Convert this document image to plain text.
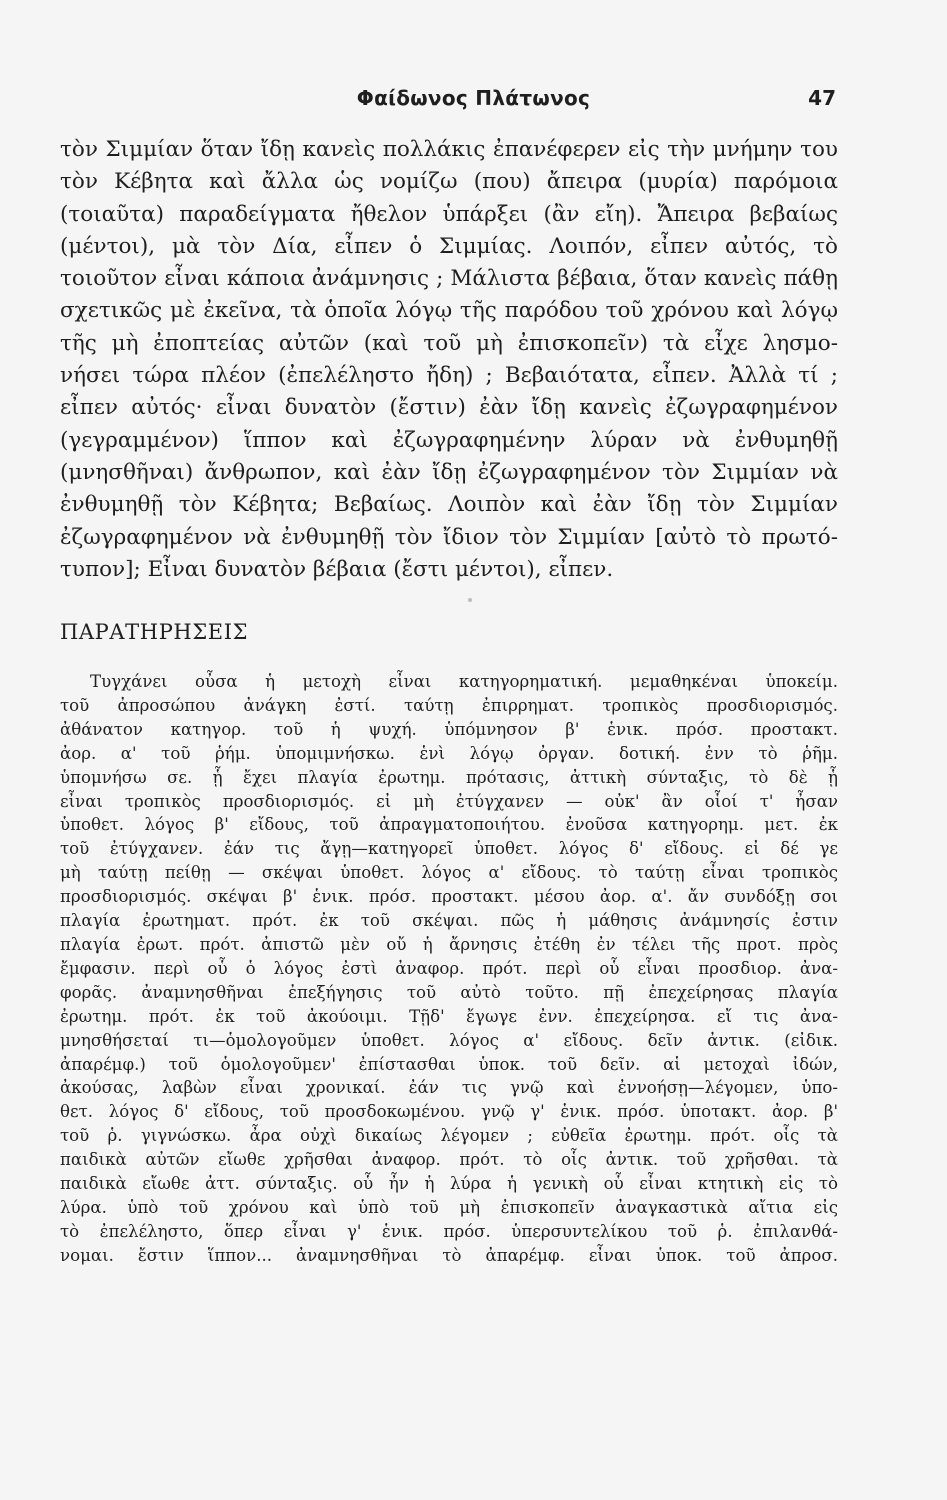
Φαίδωνος Πλάτωνος	47
τὸν Σιμμίαν ὅταν ἴδῃ κανεὶς πολλάκις ἐπανέφερεν εἰς τὴν μνήμην του
τὸν Κέβητα καὶ ἄλλα ὡς νομίζω (που) ἄπειρα (μυρία) παρόμοια
(τοιαῦτα) παραδείγματα ἤθελον ὑπάρξει (ἂν εἴη). Ἄπειρα βεβαίως
(μέντοι), μὰ τὸν Δία, εἶπεν ὁ Σιμμίας. Λοιπόν, εἶπεν αὐτός, τὸ
τοιοῦτον εἶναι κάποια ἀνάμνησις ; Μάλιστα βέβαια, ὅταν κανεὶς πάθῃ
σχετικῶς μὲ ἐκεῖνα, τὰ ὁποῖα λόγῳ τῆς παρόδου τοῦ χρόνου καὶ λόγῳ
τῆς μὴ ἐποπτείας αὐτῶν (καὶ τοῦ μὴ ἐπισκοπεῖν) τὰ εἶχε λησμο-
νήσει τώρα πλέον (ἐπελέληστο ἤδη) ; Βεβαιότατα, εἶπεν. Ἀλλὰ τί ;
εἶπεν αὐτός· εἶναι δυνατὸν (ἔστιν) ἐὰν ἴδῃ κανεὶς ἐζωγραφημένον
(γεγραμμένον) ἵππον καὶ ἐζωγραφημένην λύραν νὰ ἐνθυμηθῇ
(μνησθῆναι) ἄνθρωπον, καὶ ἐὰν ἴδῃ ἐζωγραφημένον τὸν Σιμμίαν νὰ
ἐνθυμηθῇ τὸν Κέβητα; Βεβαίως. Λοιπὸν καὶ ἐὰν ἴδῃ τὸν Σιμμίαν
ἐζωγραφημένον νὰ ἐνθυμηθῇ τὸν ἴδιον τὸν Σιμμίαν [αὐτὸ τὸ πρωτό-
τυπον]; Εἶναι δυνατὸν βέβαια (ἔστι μέντοι), εἶπεν.
ΠΑΡΑΤΗΡΗΣΕΙΣ
Τυγχάνει οὖσα ἡ μετοχὴ εἶναι κατηγορηματική. μεμαθηκέναι ὑποκείμ.
τοῦ ἀπροσώπου ἀνάγκη ἐστί. ταύτῃ ἐπιρρηματ. τροπικὸς προσδιορισμός.
ἀθάνατον κατηγορ. τοῦ ἡ ψυχή. ὑπόμνησον β' ἑνικ. πρόσ. προστακτ.
ἀορ. α' τοῦ ῥήμ. ὑπομιμνήσκω. ἑνὶ λόγῳ ὀργαν. δοτική. ἐνν τὸ ῥῆμ.
ὑπομνήσω σε. ᾗ ἔχει πλαγία ἐρωτημ. πρότασις, ἀττικὴ σύνταξις, τὸ δὲ ᾗ
εἶναι τροπικὸς προσδιορισμός. εἰ μὴ ἐτύγχανεν — οὐκ' ἂν οἷοί τ' ἦσαν
ὑποθετ. λόγος β' εἴδους, τοῦ ἀπραγματοποιήτου. ἐνοῦσα κατηγορημ. μετ. ἐκ
τοῦ ἐτύγχανεν. ἐάν τις ἄγῃ—κατηγορεῖ ὑποθετ. λόγος δ' εἴδους. εἰ δέ γε
μὴ ταύτῃ πείθῃ — σκέψαι ὑποθετ. λόγος α' εἴδους. τὸ ταύτῃ εἶναι τροπικὸς
προσδιορισμός. σκέψαι β' ἑνικ. πρόσ. προστακτ. μέσου ἀορ. α'. ἄν συνδόξῃ σοι
πλαγία ἐρωτηματ. πρότ. ἐκ τοῦ σκέψαι. πῶς ἡ μάθησις ἀνάμνησίς ἐστιν
πλαγία ἐρωτ. πρότ. ἀπιστῶ μὲν οὔ ἡ ἄρνησις ἐτέθη ἐν τέλει τῆς προτ. πρὸς
ἔμφασιν. περὶ οὗ ὁ λόγος ἐστὶ ἀναφορ. πρότ. περὶ οὗ εἶναι προσδιορ. ἀνα-
φορᾶς. ἀναμνησθῆναι ἐπεξήγησις τοῦ αὐτὸ τοῦτο. πῇ ἐπεχείρησας πλαγία
ἐρωτημ. πρότ. ἐκ τοῦ ἀκούοιμι. Τῇδ' ἔγωγε ἐνν. ἐπεχείρησα. εἴ τις ἀνα-
μνησθήσεταί τι—ὁμολογοῦμεν ὑποθετ. λόγος α' εἴδους. δεῖν ἀντικ. (εἰδικ.
ἀπαρέμφ.) τοῦ ὁμολογοῦμεν' ἐπίστασθαι ὑποκ. τοῦ δεῖν. αἱ μετοχαὶ ἰδών,
ἀκούσας, λαβὼν εἶναι χρονικαί. ἐάν τις γνῷ καὶ ἐννοήσῃ—λέγομεν, ὑπο-
θετ. λόγος δ' εἴδους, τοῦ προσδοκωμένου. γνῷ γ' ἑνικ. πρόσ. ὑποτακτ. ἀορ. β'
τοῦ ῥ. γιγνώσκω. ἆρα οὐχὶ δικαίως λέγομεν ; εὐθεῖα ἐρωτημ. πρότ. οἷς τὰ
παιδικὰ αὐτῶν εἴωθε χρῆσθαι ἀναφορ. πρότ. τὸ οἷς ἀντικ. τοῦ χρῆσθαι. τὰ
παιδικὰ εἴωθε ἀττ. σύνταξις. οὗ ἦν ἡ λύρα ἡ γενικὴ οὗ εἶναι κτητικὴ εἰς τὸ
λύρα. ὑπὸ τοῦ χρόνου καὶ ὑπὸ τοῦ μὴ ἐπισκοπεῖν ἀναγκαστικὰ αἴτια εἰς
τὸ ἐπελέληστο, ὅπερ εἶναι γ' ἑνικ. πρόσ. ὑπερσυντελίκου τοῦ ῥ. ἐπιλανθά-
νομαι. ἔστιν ἵππον... ἀναμνησθῆναι τὸ ἀπαρέμφ. εἶναι ὑποκ. τοῦ ἀπροσ.
